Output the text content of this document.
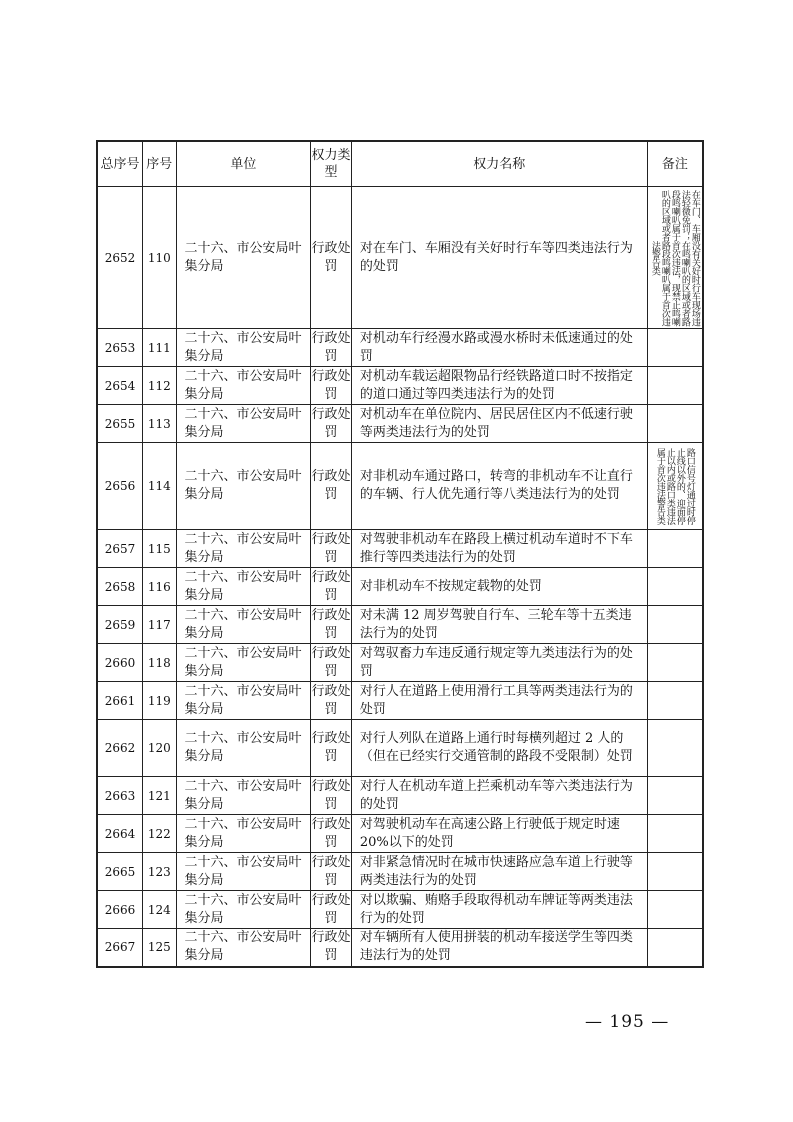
总序号	序号	单位	权力类型	权力名称	备注
2652	110	二十六、市公安局叶集分局	行政处罚	对在车门、车厢没有关好时行车等四类违法行为的处罚	在车门、车厢没有关好时行车现场违法轻微免罚；在鸣喇叭的区域或者路段鸣喇叭属于首次违法，现禁止鸣喇叭的区域或者路段鸣喇叭属于首次违法警告类

2653	111	二十六、市公安局叶集分局	行政处罚	对机动车行经漫水路或漫水桥时未低速通过的处罚	

2654	112	二十六、市公安局叶集分局	行政处罚	对机动车载运超限物品行经铁路道口时不按指定的道口通过等四类违法行为的处罚	

2655	113	二十六、市公安局叶集分局	行政处罚	对机动车在单位院内、居民居住区内不低速行驶等两类违法行为的处罚	

2656	114	二十六、市公安局叶集分局	行政处罚	对非机动车通过路口，转弯的非机动车不让直行的车辆、行人优先通行等八类违法行为的处罚	路口信号灯通过时停止线以外的、迎面停止以内或路口类违法属于首次违法警告类

2657	115	二十六、市公安局叶集分局	行政处罚	对驾驶非机动车在路段上横过机动车道时不下车推行等四类违法行为的处罚	

2658	116	二十六、市公安局叶集分局	行政处罚	对非机动车不按规定载物的处罚	

2659	117	二十六、市公安局叶集分局	行政处罚	对未满 12 周岁驾驶自行车、三轮车等十五类违法行为的处罚	

2660	118	二十六、市公安局叶集分局	行政处罚	对驾驭畜力车违反通行规定等九类违法行为的处罚	

2661	119	二十六、市公安局叶集分局	行政处罚	对行人在道路上使用滑行工具等两类违法行为的处罚	

2662	120	二十六、市公安局叶集分局	行政处罚	对行人列队在道路上通行时每横列超过 2 人的（但在已经实行交通管制的路段不受限制）处罚	

2663	121	二十六、市公安局叶集分局	行政处罚	对行人在机动车道上拦乘机动车等六类违法行为的处罚	

2664	122	二十六、市公安局叶集分局	行政处罚	对驾驶机动车在高速公路上行驶低于规定时速 20%以下的处罚	

2665	123	二十六、市公安局叶集分局	行政处罚	对非紧急情况时在城市快速路应急车道上行驶等两类违法行为的处罚	

2666	124	二十六、市公安局叶集分局	行政处罚	对以欺骗、贿赂手段取得机动车牌证等两类违法行为的处罚	

2667	125	二十六、市公安局叶集分局	行政处罚	对车辆所有人使用拼装的机动车接送学生等四类违法行为的处罚	
— 195 —
